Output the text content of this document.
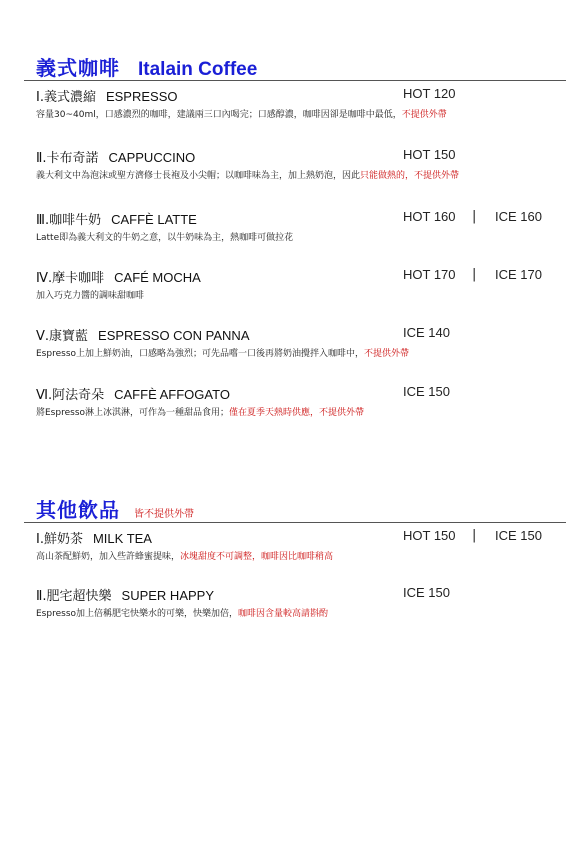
義式咖啡 Italain Coffee
Ⅰ.義式濃縮 ESPRESSO	HOT 120
容量30~40ml，口感濃烈的咖啡，建議兩三口內喝完；口感醇濃，咖啡因卻是咖啡中最低，不提供外帶
Ⅱ.卡布奇諾 CAPPUCCINO	HOT 150
義大利文中為泡沫或聖方濟修士長袍及小尖帽；以咖啡味為主，加上熱奶泡，因此只能做熱的，不提供外帶
Ⅲ.咖啡牛奶 CAFFÈ LATTE	HOT 160 | ICE 160
Latte即為義大利文的牛奶之意，以牛奶味為主，熱咖啡可做拉花
Ⅳ.摩卡咖啡 CAFÉ MOCHA	HOT 170 | ICE 170
加入巧克力醬的調味甜咖啡
Ⅴ.康寶藍 ESPRESSO CON PANNA	ICE 140
Espresso上加上鮮奶油，口感略為強烈；可先品嚐一口後再將奶油攪拌入咖啡中，不提供外帶
Ⅵ.阿法奇朵 CAFFÈ AFFOGATO	ICE 150
將Espresso淋上冰淇淋，可作為一種甜品食用；僅在夏季天熱時供應，不提供外帶
其他飲品 皆不提供外帶
Ⅰ.鮮奶茶 MILK TEA	HOT 150 | ICE 150
高山茶配鮮奶，加入些許蜂蜜提味，冰塊甜度不可調整，咖啡因比咖啡稍高
Ⅱ.肥宅超快樂 SUPER HAPPY	ICE 150
Espresso加上倍稱肥宅快樂水的可樂，快樂加倍，咖啡因含量較高請斟酌
